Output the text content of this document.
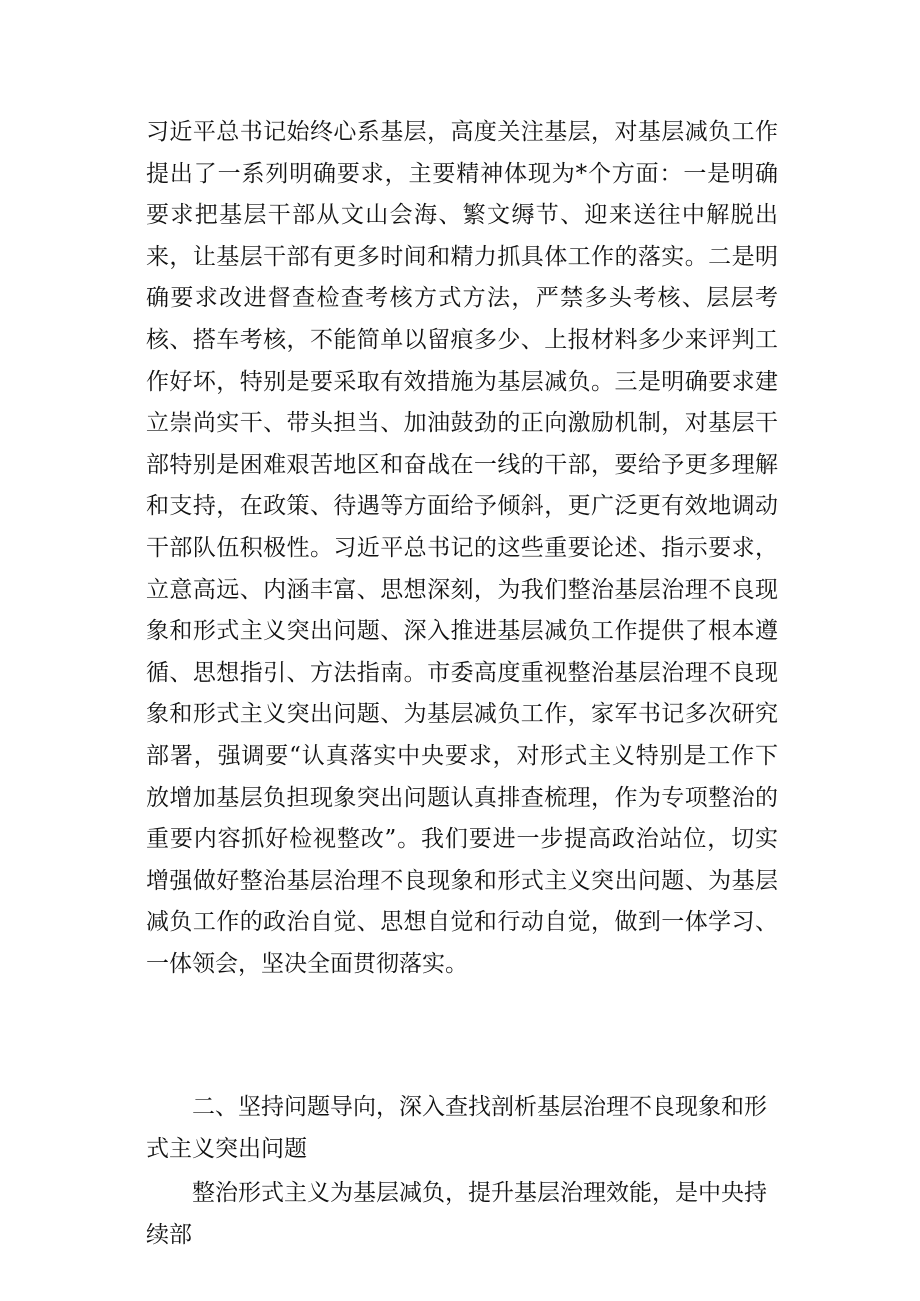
习近平总书记始终心系基层，高度关注基层，对基层减负工作提出了一系列明确要求，主要精神体现为*个方面：一是明确要求把基层干部从文山会海、繁文缛节、迎来送往中解脱出来，让基层干部有更多时间和精力抓具体工作的落实。二是明确要求改进督查检查考核方式方法，严禁多头考核、层层考核、搭车考核，不能简单以留痕多少、上报材料多少来评判工作好坏，特别是要采取有效措施为基层减负。三是明确要求建立崇尚实干、带头担当、加油鼓劲的正向激励机制，对基层干部特别是困难艰苦地区和奋战在一线的干部，要给予更多理解和支持，在政策、待遇等方面给予倾斜，更广泛更有效地调动干部队伍积极性。习近平总书记的这些重要论述、指示要求，立意高远、内涵丰富、思想深刻，为我们整治基层治理不良现象和形式主义突出问题、深入推进基层减负工作提供了根本遵循、思想指引、方法指南。市委高度重视整治基层治理不良现象和形式主义突出问题、为基层减负工作，家军书记多次研究部署，强调要“认真落实中央要求，对形式主义特别是工作下放增加基层负担现象突出问题认真排查梳理，作为专项整治的重要内容抓好检视整改”。我们要进一步提高政治站位，切实增强做好整治基层治理不良现象和形式主义突出问题、为基层减负工作的政治自觉、思想自觉和行动自觉，做到一体学习、一体领会，坚决全面贯彻落实。
二、坚持问题导向，深入查找剖析基层治理不良现象和形式主义突出问题
整治形式主义为基层减负，提升基层治理效能，是中央持续部
